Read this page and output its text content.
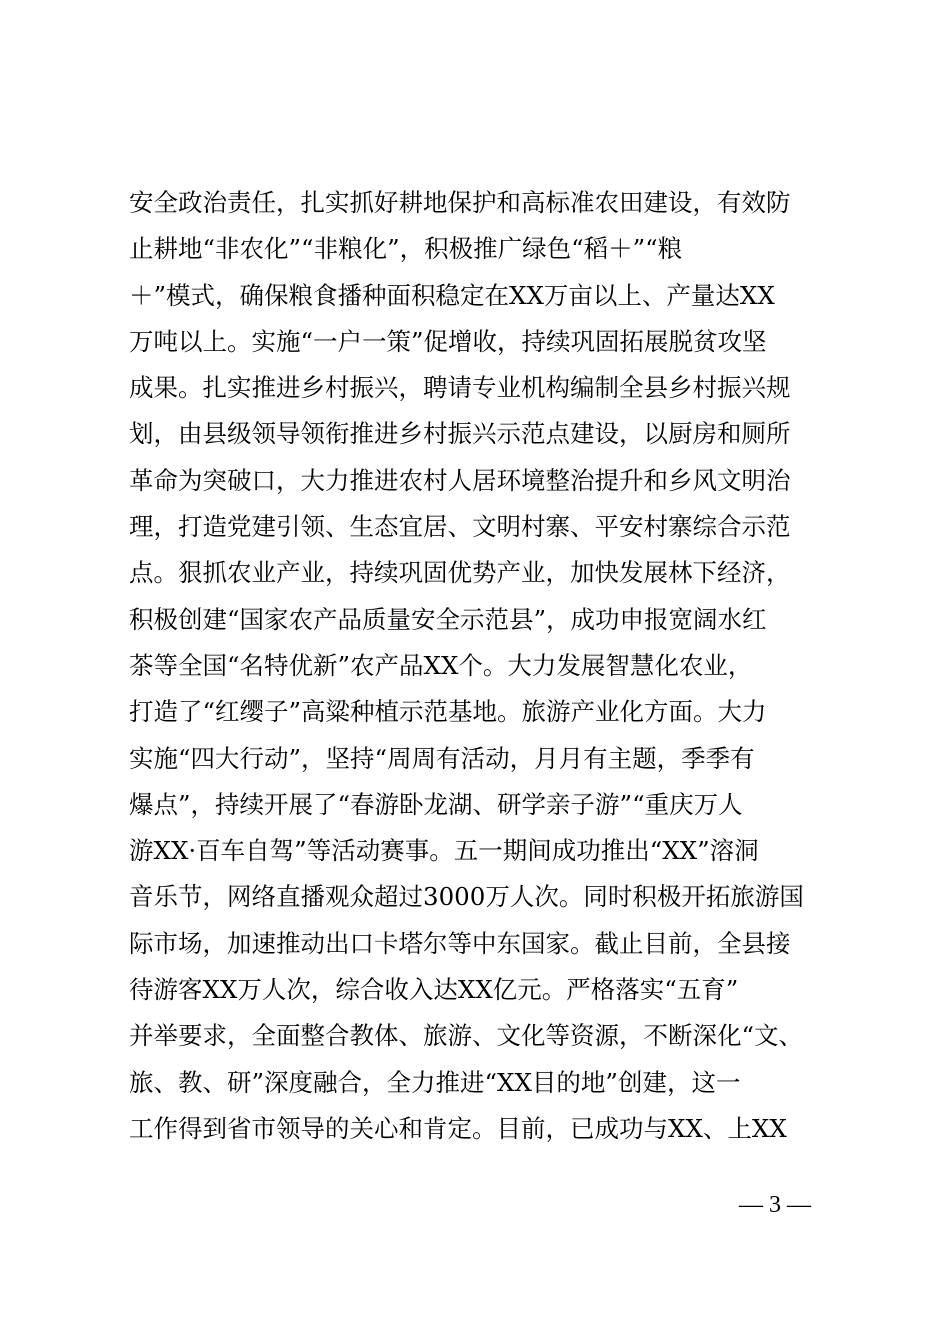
安全政治责任，扎实抓好耕地保护和高标准农田建设，有效防
止耕地“非农化”“非粮化”，积极推广绿色“稻＋”“粮
＋”模式，确保粮食播种面积稳定在XX万亩以上、产量达XX
万吨以上。实施“一户一策”促增收，持续巩固拓展脱贫攻坚
成果。扎实推进乡村振兴，聘请专业机构编制全县乡村振兴规
划，由县级领导领衔推进乡村振兴示范点建设，以厨房和厕所
革命为突破口，大力推进农村人居环境整治提升和乡风文明治
理，打造党建引领、生态宜居、文明村寨、平安村寨综合示范
点。狠抓农业产业，持续巩固优势产业，加快发展林下经济，
积极创建“国家农产品质量安全示范县”，成功申报宽阔水红
茶等全国“名特优新”农产品XX个。大力发展智慧化农业，
打造了“红缨子”高粱种植示范基地。旅游产业化方面。大力
实施“四大行动”，坚持“周周有活动，月月有主题，季季有
爆点”，持续开展了“春游卧龙湖、研学亲子游”“重庆万人
游XX·百车自驾”等活动赛事。五一期间成功推出“XX”溶洞
音乐节，网络直播观众超过3000万人次。同时积极开拓旅游国
际市场，加速推动出口卡塔尔等中东国家。截止目前，全县接
待游客XX万人次，综合收入达XX亿元。严格落实“五育”
并举要求，全面整合教体、旅游、文化等资源，不断深化“文、
旅、教、研”深度融合，全力推进“XX目的地”创建，这一
工作得到省市领导的关心和肯定。目前，已成功与XX、上XX
— 3 —
